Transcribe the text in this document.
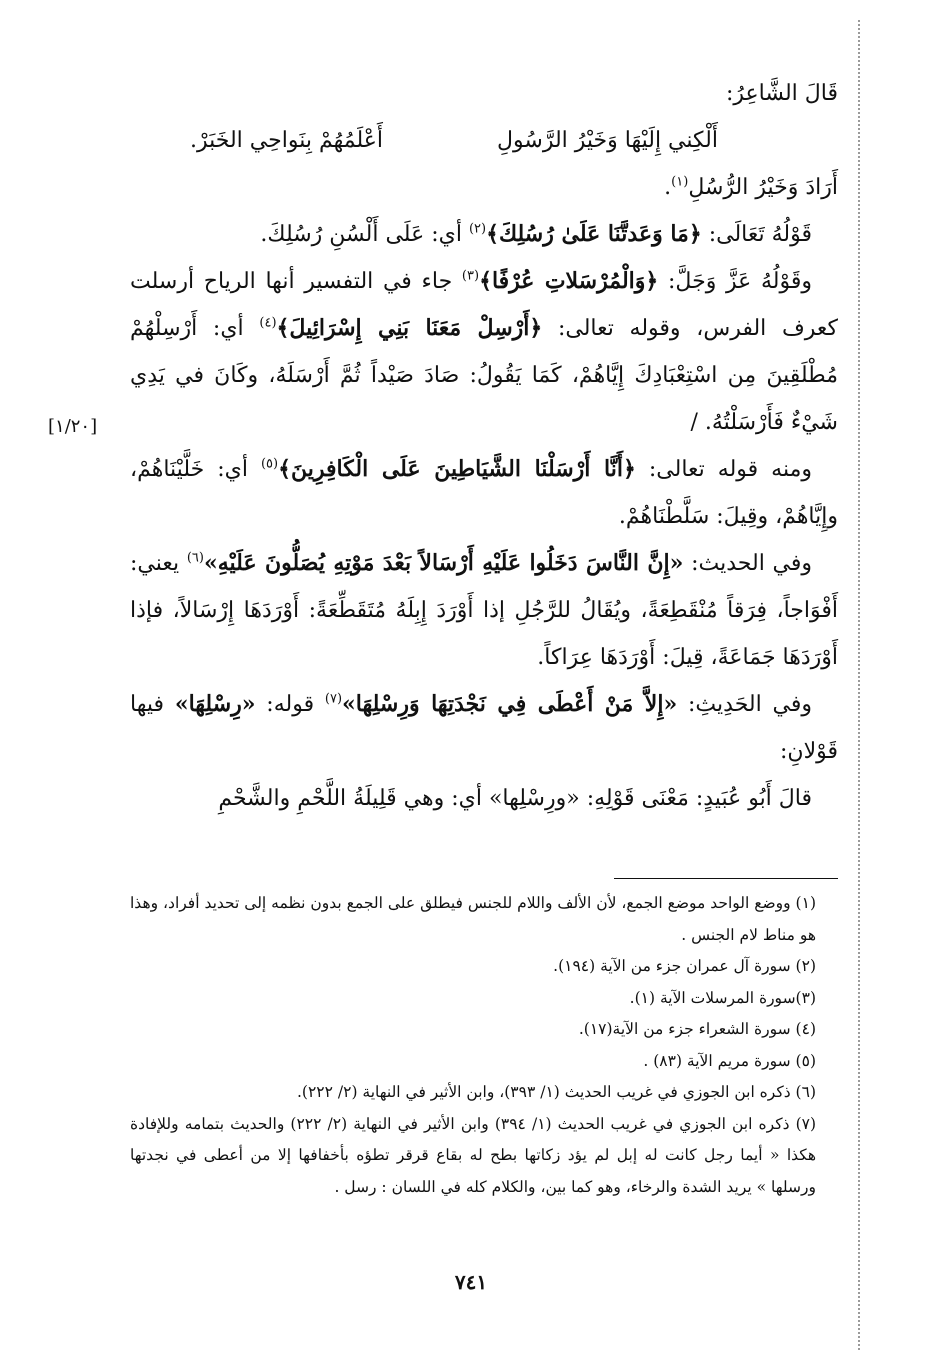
[١/٢٠]

قَالَ الشَّاعِرُ:

أَلْكِني إِلَيْهَا وَخَيْرُ الرَّسُولِ
أَعْلَمُهُمْ بِنَواحِي الخَبَرْ.

أَرَادَ وَخَيْرُ الرُّسُلِ$^{(١)}$.

قَوْلُهُ تَعَالَى: ﴿مَا وَعَدتَّنَا عَلَىٰ رُسُلِكَ﴾$^{(٢)}$ أي: عَلَى أَلْسُنِ رُسُلِكَ.

وقَوْلُهُ عَزَّ وَجَلَّ: ﴿وَالْمُرْسَلاتِ عُرْفًا﴾$^{(٣)}$ جاء في التفسير أنها الرياح أرسلت كعرف الفرس، وقوله تعالى: ﴿أَرْسِلْ مَعَنَا بَنِي إِسْرَائِيلَ﴾$^{(٤)}$ أي: أَرْسِلْهُمْ مُطْلَقِينَ مِن اسْتِعْبَادِكَ إِيَّاهُمْ، كَمَا يَقُولُ: صَادَ صَيْداً ثُمَّ أَرْسَلَهُ، وكَانَ في يَدِي شَيْءٌ فَأَرْسَلْتُهُ. /

ومنه قوله تعالى: ﴿أَنَّا أَرْسَلْنَا الشَّيَاطِينَ عَلَى الْكَافِرِينَ﴾$^{(٥)}$ أي: خَلَّيْنَاهُمْ، وإِيَّاهُمْ، وقِيلَ: سَلَّطْنَاهُمْ.

وفي الحديث: «إِنَّ النَّاسَ دَخَلُوا عَلَيْهِ أَرْسَالاً بَعْدَ مَوْتِهِ يُصَلُّونَ عَلَيْهِ»$^{(٦)}$ يعني: أَفْوَاجاً، فِرَقاً مُنْقَطِعَةً، ويُقَالُ للرَّجُلِ إذا أَوْرَدَ إِبِلَهُ مُتَقَطِّعَةً: أَوْرَدَهَا إِرْسَالاً، فإذا أَوْرَدَهَا جَمَاعَةً، قِيلَ: أَوْرَدَهَا عِرَاكاً.

وفي الحَدِيثِ: «إِلاَّ مَنْ أَعْطَى فِي نَجْدَتِهَا وَرِسْلِهَا»$^{(٧)}$ قوله: «رِسْلِهَا» فيها قَوْلانِ:

قالَ أَبُو عُبَيدٍ: مَعْنَى قَوْلِهِ: «ورِسْلِها» أي: وهي قَلِيلَةُ اللَّحْمِ والشَّحْمِ

(١) ووضع الواحد موضع الجمع، لأن الألف واللام للجنس فيطلق على الجمع بدون نظمه إلى تحديد أفراد، وهذا هو مناط لام الجنس .

(٢) سورة آل عمران جزء من الآية (١٩٤).

(٣)سورة المرسلات الآية (١).

(٤) سورة الشعراء جزء من الآية(١٧).

(٥) سورة مريم الآية (٨٣) .

(٦) ذكره ابن الجوزي في غريب الحديث (١/ ٣٩٣)، وابن الأثير في النهاية (٢/ ٢٢٢).

(٧) ذكره ابن الجوزي في غريب الحديث (١/ ٣٩٤) وابن الأثير في النهاية (٢/ ٢٢٢) والحديث بتمامه وللإفادة هكذا « أيما رجل كانت له إبل لم يؤد زكاتها بطح له بقاع قرقر تطؤه بأخفافها إلا من أعطى في نجدتها ورسلها » يريد الشدة والرخاء، وهو كما بين، والكلام كله في اللسان : رسل .

٧٤١
